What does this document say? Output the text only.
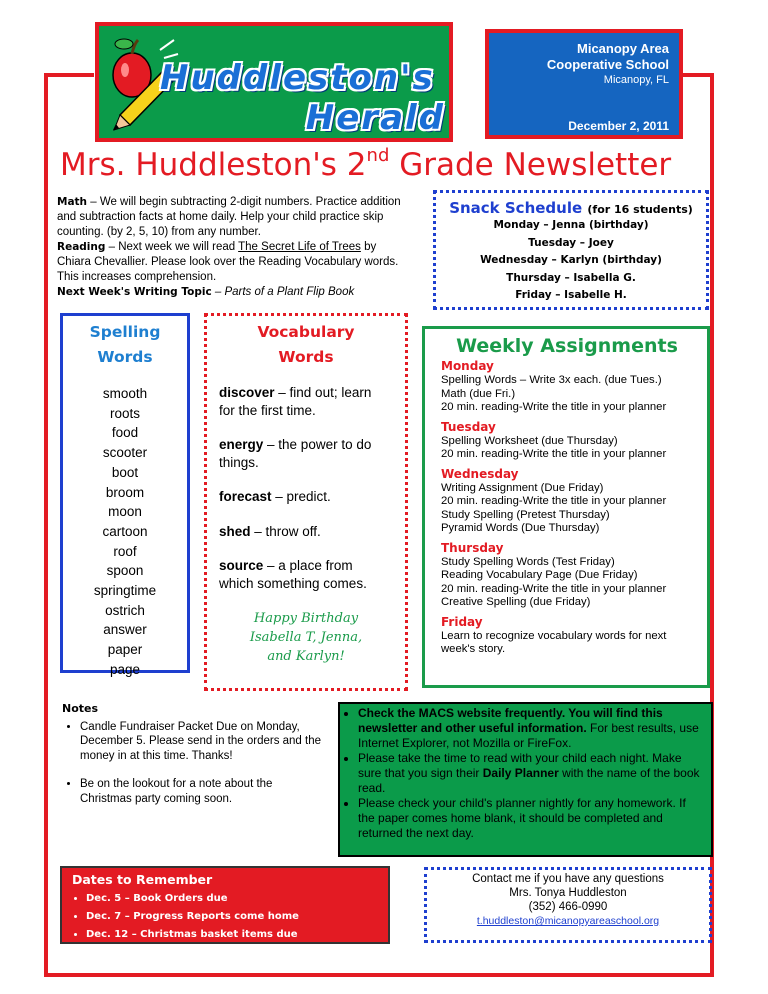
Huddleston's
Herald
Micanopy Area
Cooperative School
Micanopy, FL
December 2, 2011
Mrs. Huddleston's 2nd Grade Newsletter
Math – We will begin subtracting 2-digit numbers. Practice addition and subtraction facts at home daily. Help your child practice skip counting. (by 2, 5, 10) from any number.
Reading – Next week we will read The Secret Life of Trees by Chiara Chevallier. Please look over the Reading Vocabulary words. This increases comprehension.
Next Week's Writing Topic – Parts of a Plant Flip Book
Snack Schedule (for 16 students)
Monday – Jenna (birthday)
Tuesday – Joey
Wednesday – Karlyn (birthday)
Thursday – Isabella G.
Friday – Isabelle H.
Spelling
Words
smooth
roots
food
scooter
boot
broom
moon
cartoon
roof
spoon
springtime
ostrich
answer
paper
page
Vocabulary
Words
discover – find out; learn for the first time.
energy – the power to do things.
forecast – predict.
shed – throw off.
source – a place from which something comes.
Happy Birthday
Isabella T, Jenna,
and Karlyn!
Weekly Assignments
Monday
Spelling Words – Write 3x each. (due Tues.)
Math (due Fri.)
20 min. reading-Write the title in your planner
Tuesday
Spelling Worksheet (due Thursday)
20 min. reading-Write the title in your planner
Wednesday
Writing Assignment (Due Friday)
20 min. reading-Write the title in your planner
Study Spelling (Pretest Thursday)
Pyramid Words (Due Thursday)
Thursday
Study Spelling Words (Test Friday)
Reading Vocabulary Page (Due Friday)
20 min. reading-Write the title in your planner
Creative Spelling (due Friday)
Friday
Learn to recognize vocabulary words for next week's story.
Notes
• Candle Fundraiser Packet Due on Monday, December 5. Please send in the orders and the money in at this time. Thanks!
• Be on the lookout for a note about the Christmas party coming soon.
• Check the MACS website frequently. You will find this newsletter and other useful information. For best results, use Internet Explorer, not Mozilla or FireFox.
• Please take the time to read with your child each night. Make sure that you sign their Daily Planner with the name of the book read.
• Please check your child's planner nightly for any homework. If the paper comes home blank, it should be completed and returned the next day.
Dates to Remember
• Dec. 5 – Book Orders due
• Dec. 7 – Progress Reports come home
• Dec. 12 – Christmas basket items due
Contact me if you have any questions
Mrs. Tonya Huddleston
(352) 466-0990
t.huddleston@micanopyareaschool.org
